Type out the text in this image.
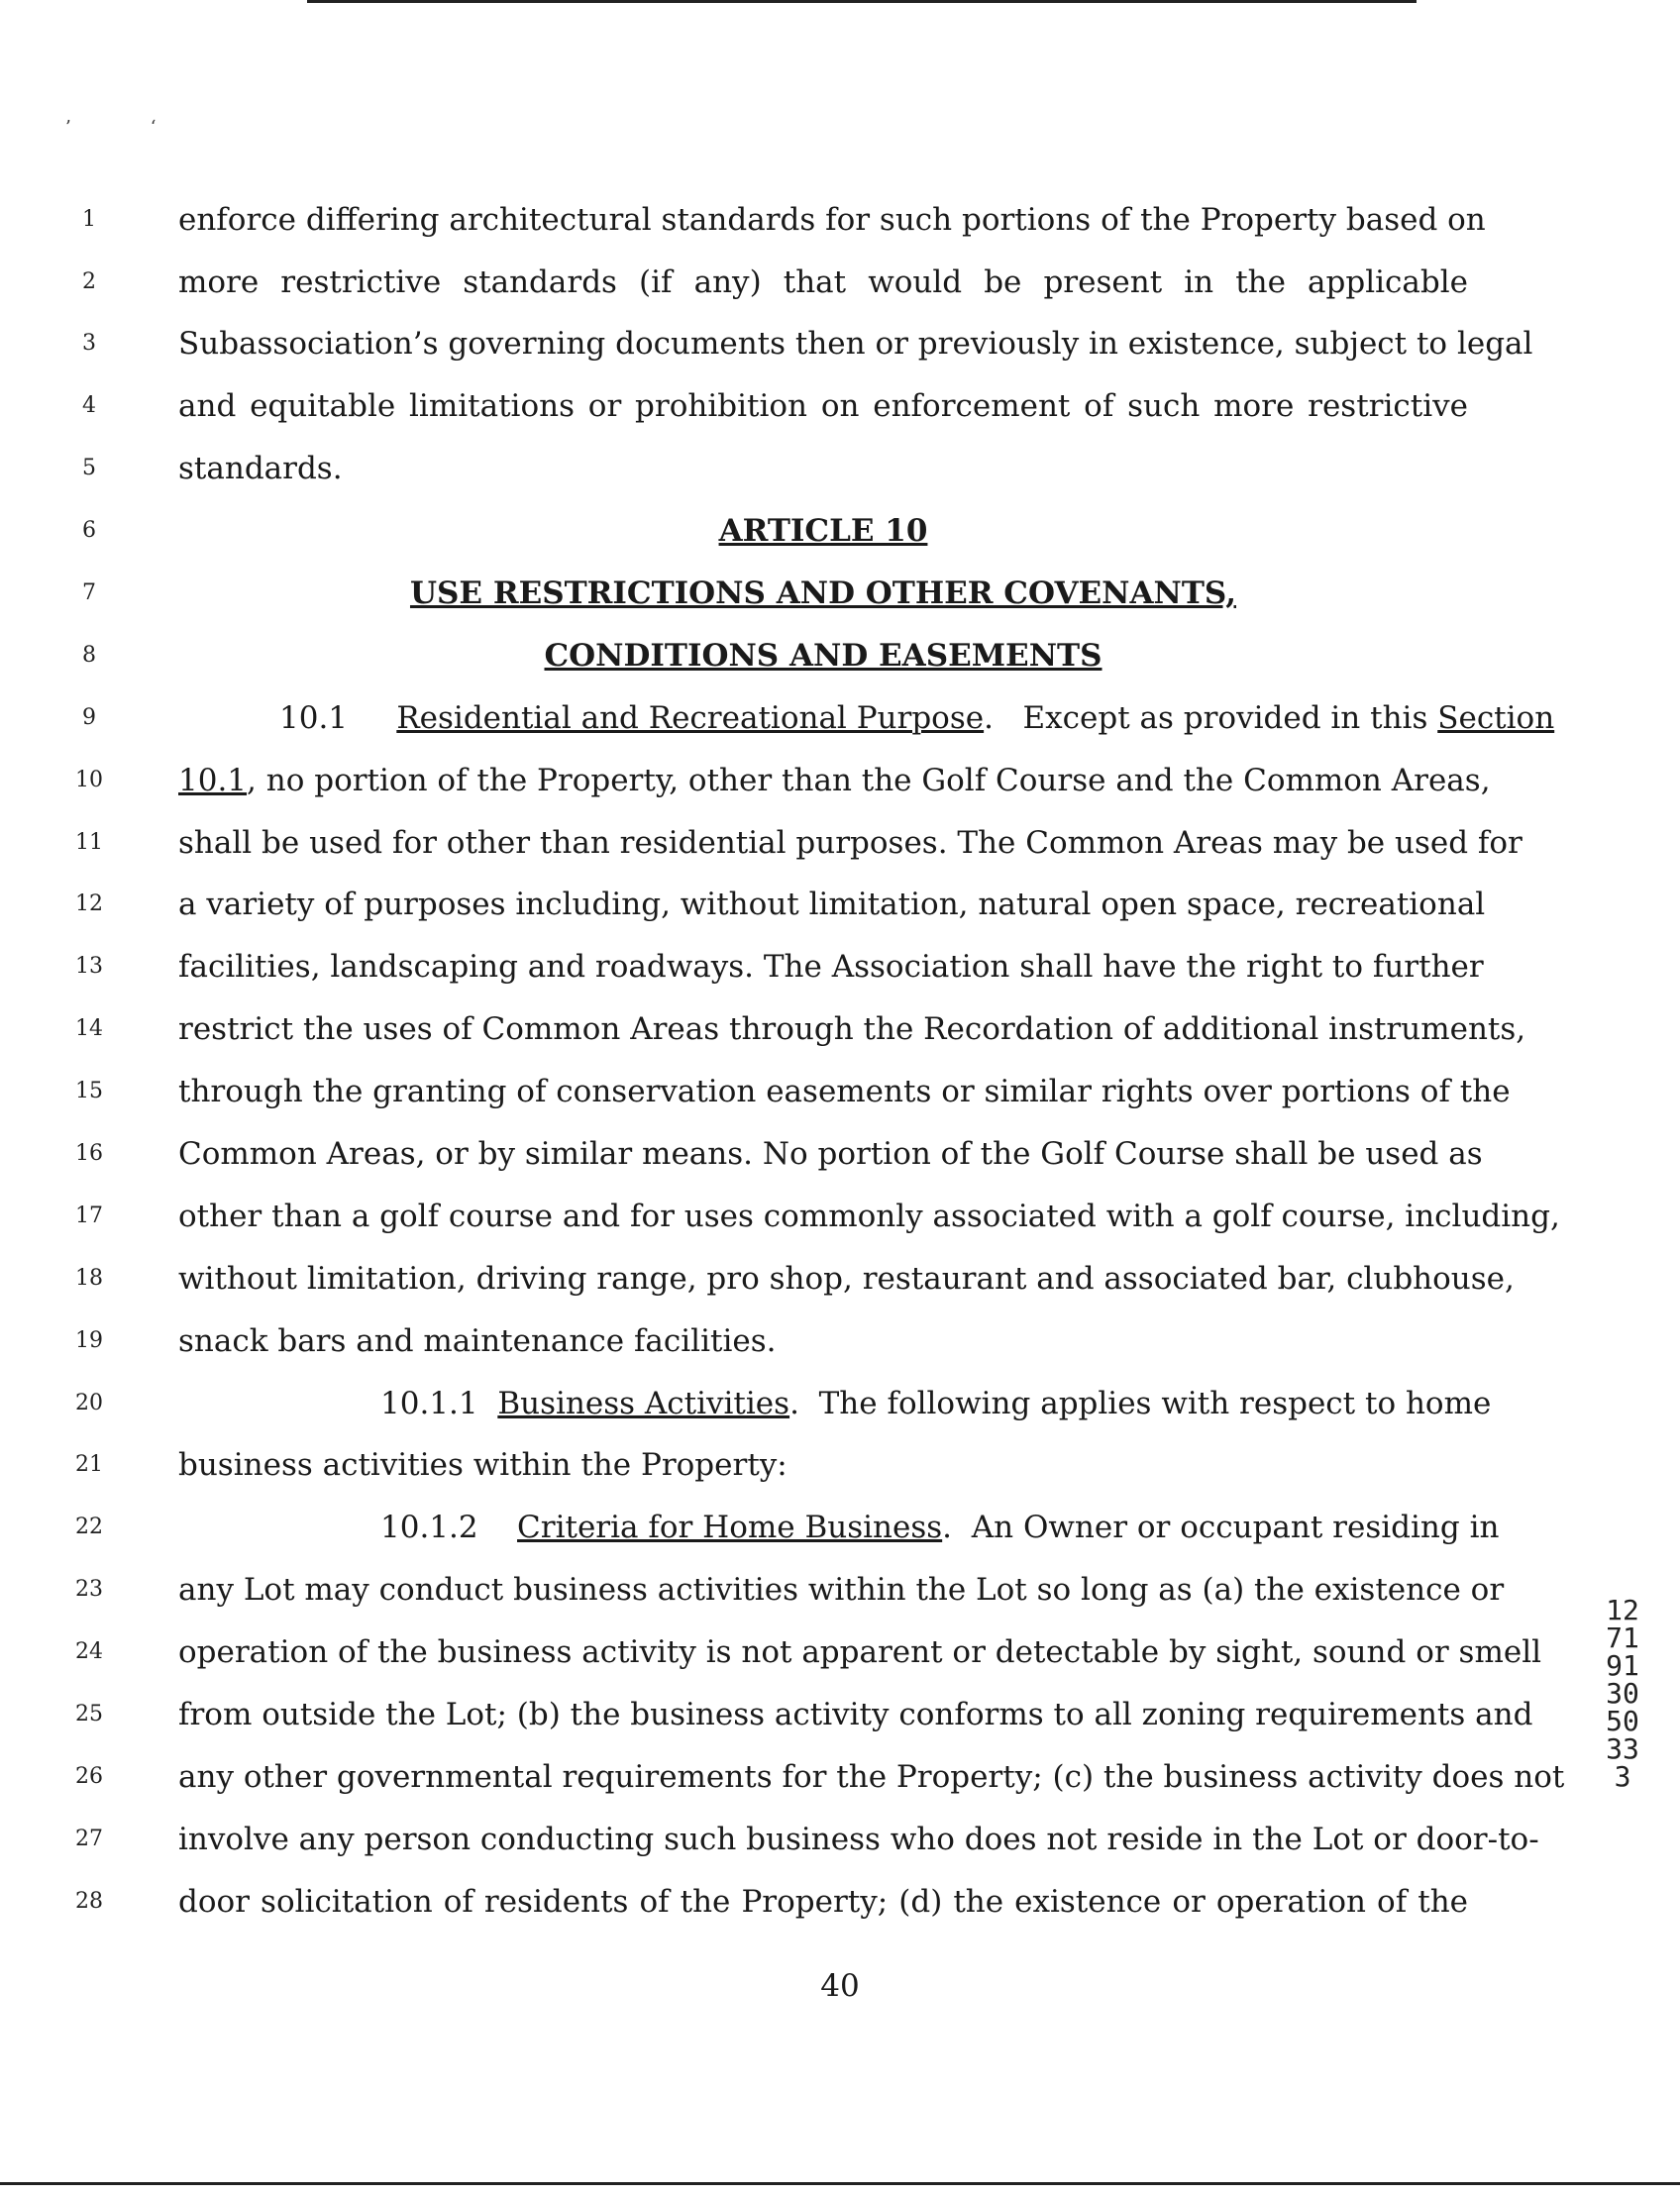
’‘
1
2
3
4
5
6
7
8
9
10
11
12
13
14
15
16
17
18
19
20
21
22
23
24
25
26
27
28
enforce differing architectural standards for such portions of the Property based on
more restrictive standards (if any) that would be present in the applicable
Subassociation’s governing documents then or previously in existence, subject to legal
and equitable limitations or prohibition on enforcement of such more restrictive
standards.
ARTICLE 10
USE RESTRICTIONS AND OTHER COVENANTS,
CONDITIONS AND EASEMENTS
10.1 Residential and Recreational Purpose.   Except as provided in this Section
10.1, no portion of the Property, other than the Golf Course and the Common Areas,
shall be used for other than residential purposes. The Common Areas may be used for
a variety of purposes including, without limitation, natural open space, recreational
facilities, landscaping and roadways. The Association shall have the right to further
restrict the uses of Common Areas through the Recordation of additional instruments,
through the granting of conservation easements or similar rights over portions of the
Common Areas, or by similar means. No portion of the Golf Course shall be used as
other than a golf course and for uses commonly associated with a golf course, including,
without limitation, driving range, pro shop, restaurant and associated bar, clubhouse,
snack bars and maintenance facilities.
10.1.1 Business Activities.  The following applies with respect to home
business activities within the Property:
10.1.2 Criteria for Home Business.  An Owner or occupant residing in
any Lot may conduct business activities within the Lot so long as (a) the existence or
operation of the business activity is not apparent or detectable by sight, sound or smell
from outside the Lot; (b) the business activity conforms to all zoning requirements and
any other governmental requirements for the Property; (c) the business activity does not
involve any person conducting such business who does not reside in the Lot or door-to-
door solicitation of residents of the Property; (d) the existence or operation of the
40
1271913050333
